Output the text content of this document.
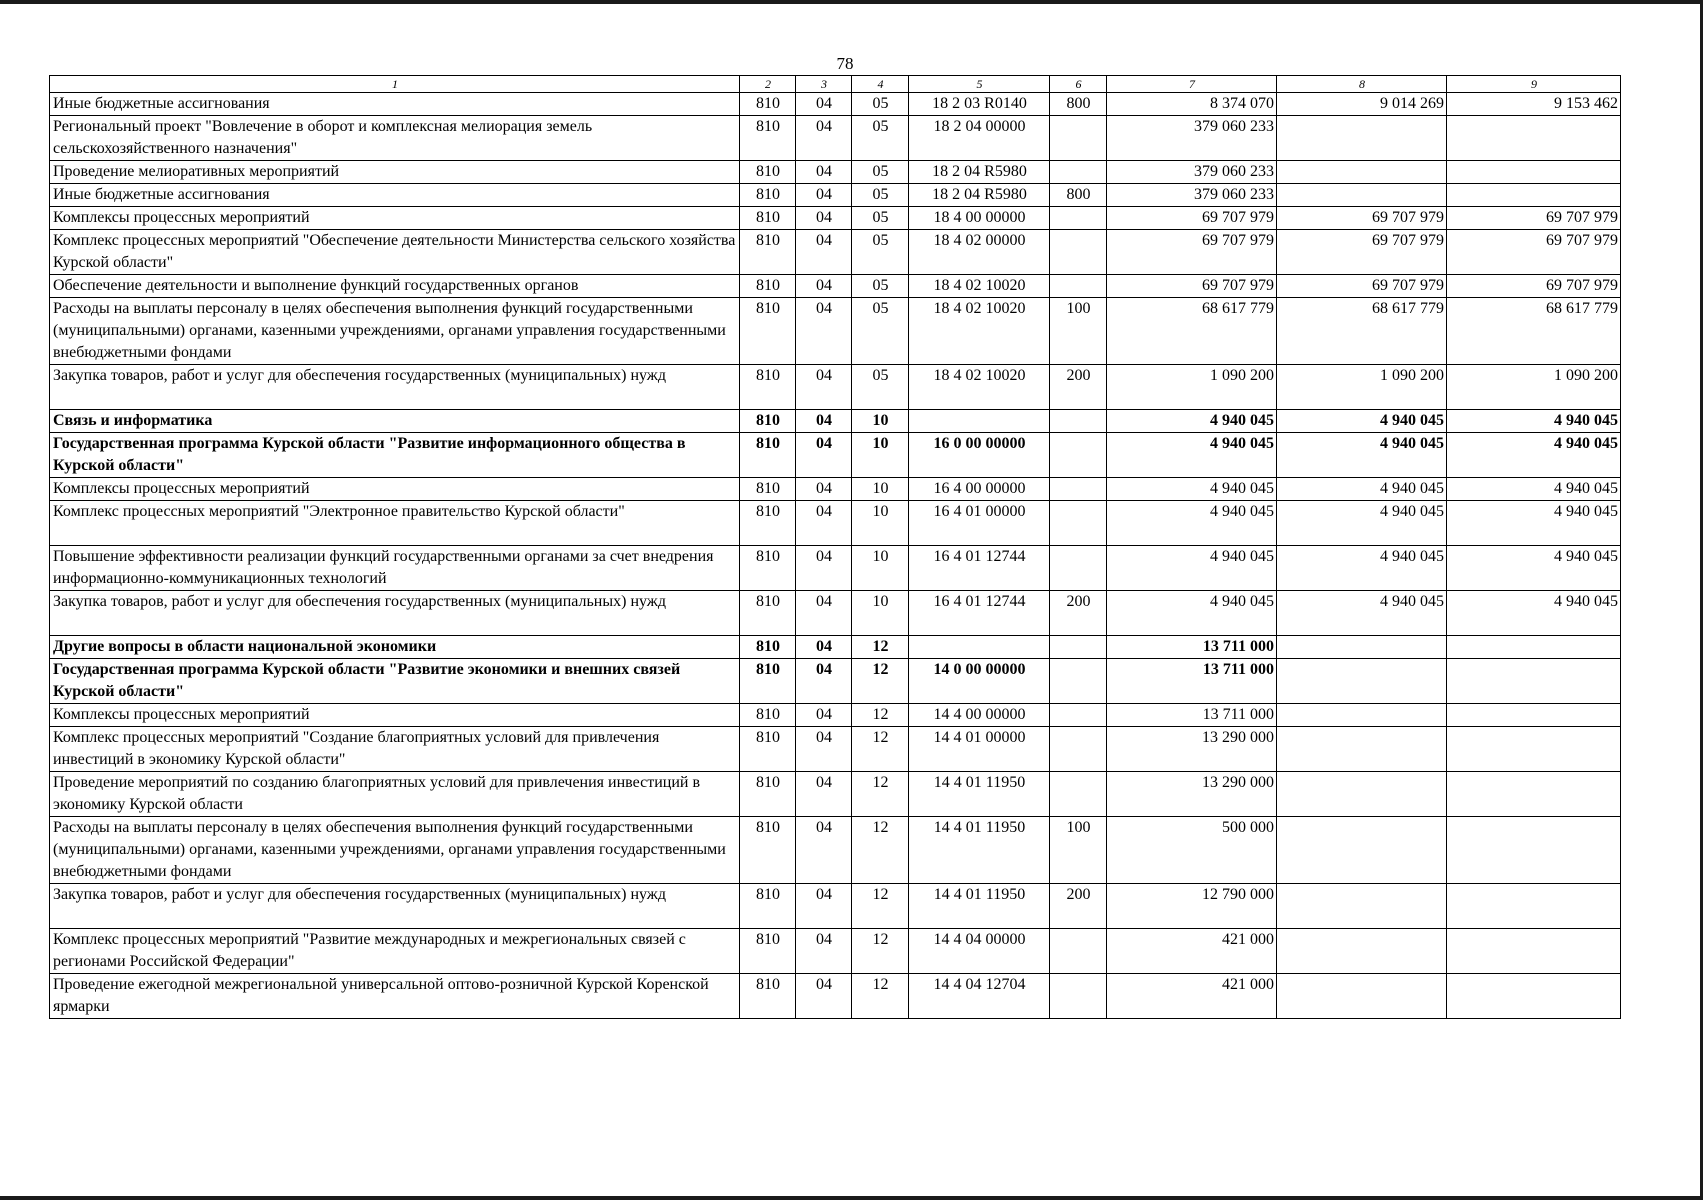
78
1	2	3	4	5	6	7	8	9
Иные бюджетные ассигнования	810	04	05	18 2 03 R0140	800	8 374 070	9 014 269	9 153 462
Региональный проект "Вовлечение в оборот и комплексная мелиорация земель сельскохозяйственного назначения"	810	04	05	18 2 04 00000		379 060 233		
Проведение мелиоративных мероприятий	810	04	05	18 2 04 R5980		379 060 233		
Иные бюджетные ассигнования	810	04	05	18 2 04 R5980	800	379 060 233		
Комплексы процессных мероприятий	810	04	05	18 4 00 00000		69 707 979	69 707 979	69 707 979
Комплекс процессных мероприятий "Обеспечение деятельности Министерства сельского хозяйства Курской области"	810	04	05	18 4 02 00000		69 707 979	69 707 979	69 707 979
Обеспечение деятельности и выполнение функций государственных органов	810	04	05	18 4 02 10020		69 707 979	69 707 979	69 707 979
Расходы на выплаты персоналу в целях обеспечения выполнения функций государственными (муниципальными) органами, казенными учреждениями, органами управления государственными внебюджетными фондами	810	04	05	18 4 02 10020	100	68 617 779	68 617 779	68 617 779
Закупка товаров, работ и услуг для обеспечения государственных (муниципальных) нужд	810	04	05	18 4 02 10020	200	1 090 200	1 090 200	1 090 200
Связь и информатика	810	04	10			4 940 045	4 940 045	4 940 045
Государственная программа Курской области "Развитие информационного общества в Курской области"	810	04	10	16 0 00 00000		4 940 045	4 940 045	4 940 045
Комплексы процессных мероприятий	810	04	10	16 4 00 00000		4 940 045	4 940 045	4 940 045
Комплекс процессных мероприятий "Электронное правительство Курской области"	810	04	10	16 4 01 00000		4 940 045	4 940 045	4 940 045
Повышение эффективности реализации функций государственными органами за счет внедрения информационно-коммуникационных технологий	810	04	10	16 4 01 12744		4 940 045	4 940 045	4 940 045
Закупка товаров, работ и услуг для обеспечения государственных (муниципальных) нужд	810	04	10	16 4 01 12744	200	4 940 045	4 940 045	4 940 045
Другие вопросы в области национальной экономики	810	04	12			13 711 000		
Государственная программа Курской области "Развитие экономики и внешних связей Курской области"	810	04	12	14 0 00 00000		13 711 000		
Комплексы процессных мероприятий	810	04	12	14 4 00 00000		13 711 000		
Комплекс процессных мероприятий "Создание благоприятных условий для привлечения инвестиций в экономику Курской области"	810	04	12	14 4 01 00000		13 290 000		
Проведение мероприятий по созданию благоприятных условий для привлечения инвестиций в экономику Курской области	810	04	12	14 4 01 11950		13 290 000		
Расходы на выплаты персоналу в целях обеспечения выполнения функций государственными (муниципальными) органами, казенными учреждениями, органами управления государственными внебюджетными фондами	810	04	12	14 4 01 11950	100	500 000		
Закупка товаров, работ и услуг для обеспечения государственных (муниципальных) нужд	810	04	12	14 4 01 11950	200	12 790 000		
Комплекс процессных мероприятий "Развитие международных и межрегиональных связей с регионами Российской Федерации"	810	04	12	14 4 04 00000		421 000		
Проведение ежегодной межрегиональной универсальной оптово-розничной Курской Коренской ярмарки	810	04	12	14 4 04 12704		421 000		
